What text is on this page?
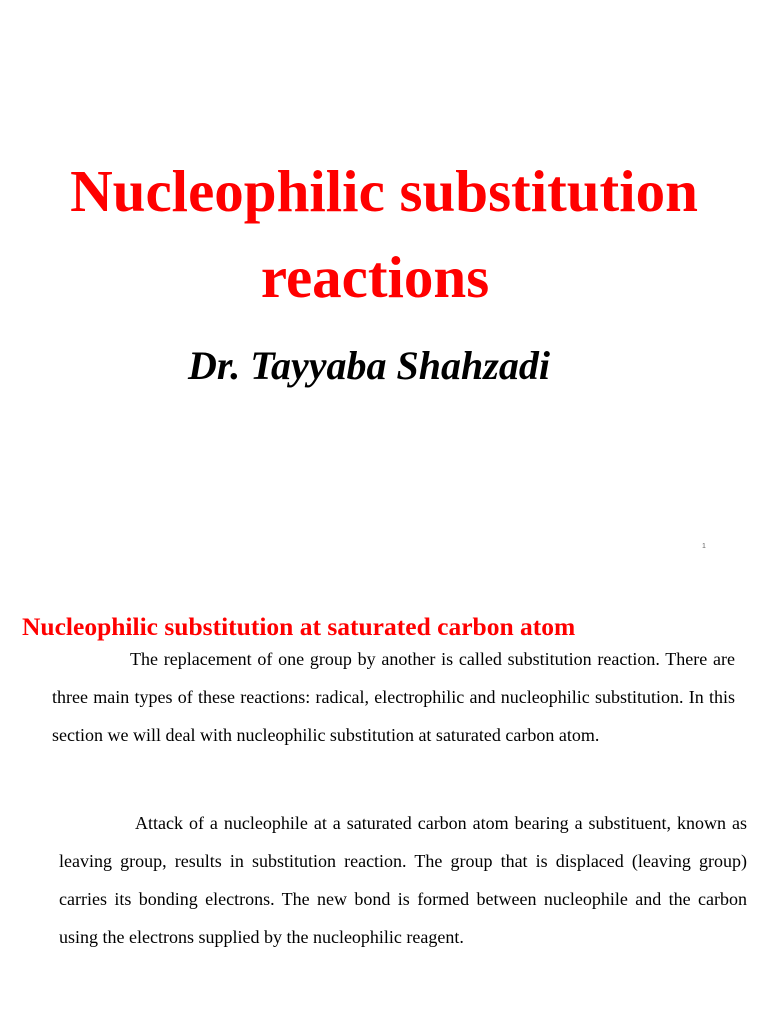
Nucleophilic substitution
reactions

Dr. Tayyaba Shahzadi

1
Nucleophilic substitution at saturated carbon atom

The replacement of one group by another is called substitution reaction. There are three main types of these reactions: radical, electrophilic and nucleophilic substitution. In this section we will deal with nucleophilic substitution at saturated carbon atom.

Attack of a nucleophile at a saturated carbon atom bearing a substituent, known as leaving group, results in substitution reaction. The group that is displaced (leaving group) carries its bonding electrons. The new bond is formed between nucleophile and the carbon using the electrons supplied by the nucleophilic reagent.
